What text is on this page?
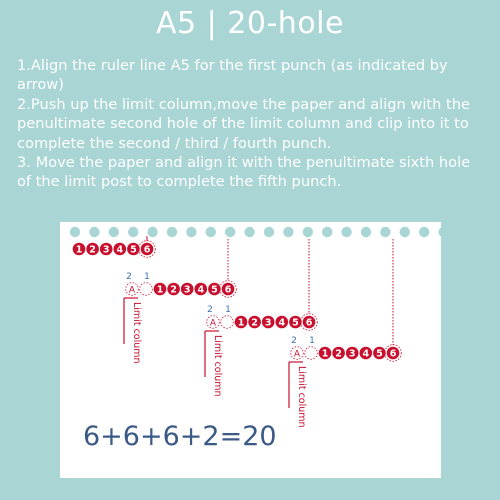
A5 | 20-hole

1.Align the ruler line A5 for the first punch (as indicated by arrow)

2.Push up the limit column,move the paper and align with the penultimate second hole of the limit column and clip into it to complete the second / third / fourth punch.

3. Move the paper and align it with the penultimate sixth hole of the limit post to complete the fifth punch.

1 2 3 4 5 6
2 1
A 1 2 3 4 5 6
Limit column	2 1
A 1 2 3 4 5 6
Limit column	2 1
A 1 2 3 4 5 6
Limit column
6+6+6+2=20
